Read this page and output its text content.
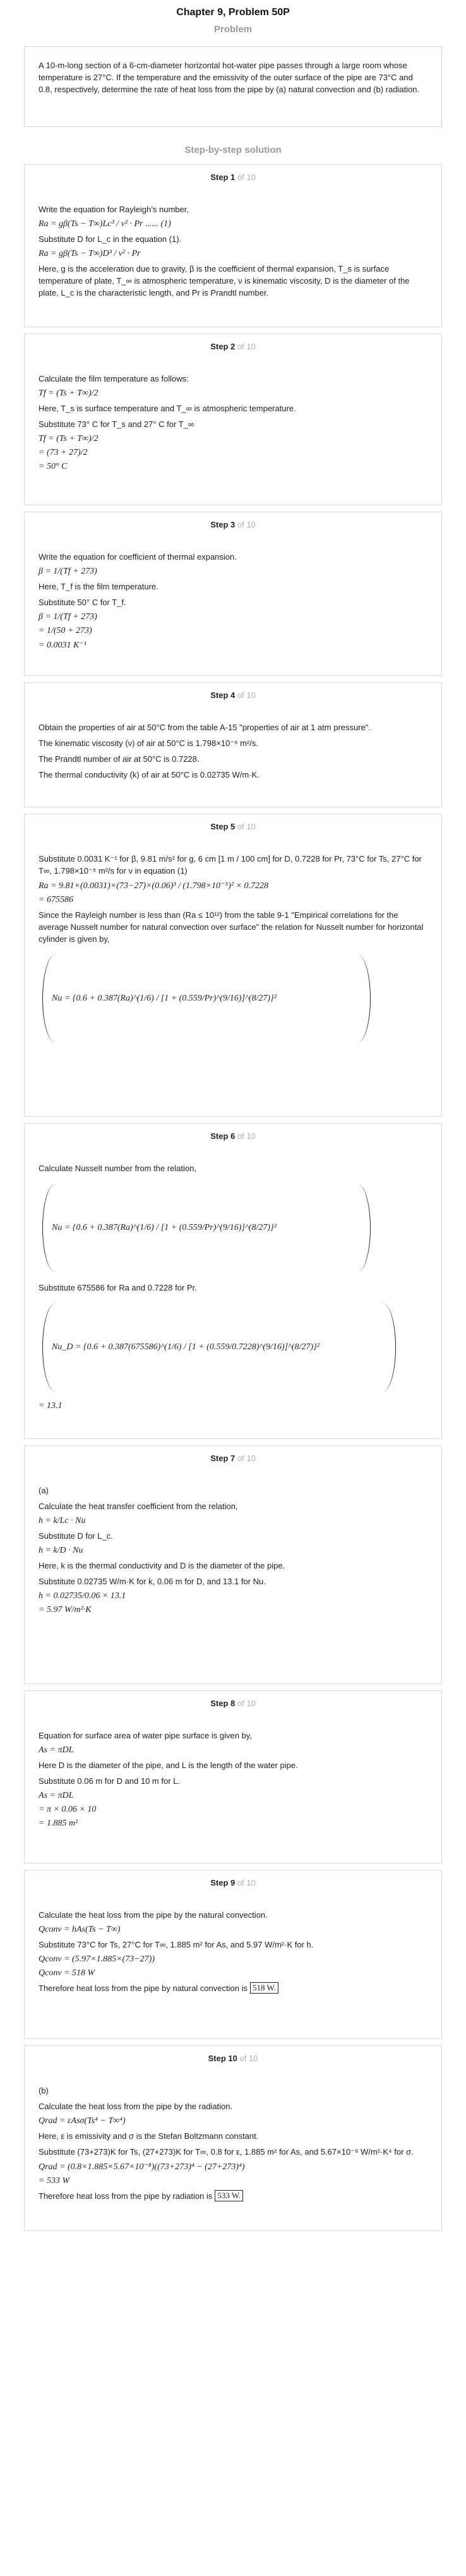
Chapter 9, Problem 50P
Problem
A 10-m-long section of a 6-cm-diameter horizontal hot-water pipe passes through a large room whose temperature is 27°C. If the temperature and the emissivity of the outer surface of the pipe are 73°C and 0.8, respectively, determine the rate of heat loss from the pipe by (a) natural convection and (b) radiation.
Step-by-step solution
Step 1 of 10
Write the equation for Rayleigh’s number,
Ra = gβ(Ts − T∞)Lc³ / ν² · Pr ...... (1)
Substitute D for L_c in the equation (1).
Ra = gβ(Ts − T∞)D³ / ν² · Pr
Here, g is the acceleration due to gravity, β is the coefficient of thermal expansion, T_s is surface temperature of plate, T_∞ is atmospheric temperature, ν is kinematic viscosity, D is the diameter of the plate, L_c is the characteristic length, and Pr is Prandtl number.
Step 2 of 10
Calculate the film temperature as follows:
Tf = (Ts + T∞)/2
Here, T_s is surface temperature and T_∞ is atmospheric temperature.
Substitute 73° C for T_s and 27° C for T_∞
Tf = (Ts + T∞)/2
= (73 + 27)/2
= 50° C
Step 3 of 10
Write the equation for coefficient of thermal expansion.
β = 1/(Tf + 273)
Here, T_f is the film temperature.
Substitute 50° C for T_f.
β = 1/(Tf + 273)
= 1/(50 + 273)
= 0.0031 K⁻¹
Step 4 of 10
Obtain the properties of air at 50°C from the table A-15 "properties of air at 1 atm pressure".
The kinematic viscosity (ν) of air at 50°C is 1.798×10⁻⁵ m²/s.
The Prandtl number of air at 50°C is 0.7228.
The thermal conductivity (k) of air at 50°C is 0.02735 W/m·K.
Step 5 of 10
Substitute 0.0031 K⁻¹ for β, 9.81 m/s² for g, 6 cm [1 m / 100 cm] for D, 0.7228 for Pr, 73°C for Ts, 27°C for T∞, 1.798×10⁻⁵ m²/s for ν in equation (1)
Ra = 9.81×(0.0031)×(73−27)×(0.06)³ / (1.798×10⁻⁵)² × 0.7228
= 675586
Since the Rayleigh number is less than (Ra ≤ 10¹²) from the table 9-1 "Empirical correlations for the average Nusselt number for natural convection over surface" the relation for Nusselt number for horizontal cylinder is given by,
Nu = {0.6 + 0.387(Ra)^(1/6) / [1 + (0.559/Pr)^(9/16)]^(8/27)}²
Step 6 of 10
Calculate Nusselt number from the relation,
Nu = {0.6 + 0.387(Ra)^(1/6) / [1 + (0.559/Pr)^(9/16)]^(8/27)}²
Substitute 675586 for Ra and 0.7228 for Pr.
Nu_D = {0.6 + 0.387(675586)^(1/6) / [1 + (0.559/0.7228)^(9/16)]^(8/27)}²
= 13.1
Step 7 of 10
(a)
Calculate the heat transfer coefficient from the relation,
h = k/Lc · Nu
Substitute D for L_c.
h = k/D · Nu
Here, k is the thermal conductivity and D is the diameter of the pipe.
Substitute 0.02735 W/m·K for k, 0.06 m for D, and 13.1 for Nu.
h = 0.02735/0.06 × 13.1
= 5.97 W/m²·K
Step 8 of 10
Equation for surface area of water pipe surface is given by,
As = πDL
Here D is the diameter of the pipe, and L is the length of the water pipe.
Substitute 0.06 m for D and 10 m for L.
As = πDL
= π × 0.06 × 10
= 1.885 m²
Step 9 of 10
Calculate the heat loss from the pipe by the natural convection.
Qconv = hAs(Ts − T∞)
Substitute 73°C for Ts, 27°C for T∞, 1.885 m² for As, and 5.97 W/m²·K for h.
Qconv = (5.97×1.885×(73−27))
Qconv = 518 W
Therefore heat loss from the pipe by natural convection is 518 W.
Step 10 of 10
(b)
Calculate the heat loss from the pipe by the radiation.
Qrad = εAsσ(Ts⁴ − T∞⁴)
Here, ε is emissivity and σ is the Stefan Boltzmann constant.
Substitute (73+273)K for Ts, (27+273)K for T∞, 0.8 for ε, 1.885 m² for As, and 5.67×10⁻⁸ W/m²·K⁴ for σ.
Qrad = (0.8×1.885×5.67×10⁻⁸)((73+273)⁴ − (27+273)⁴)
= 533 W
Therefore heat loss from the pipe by radiation is 533 W.
